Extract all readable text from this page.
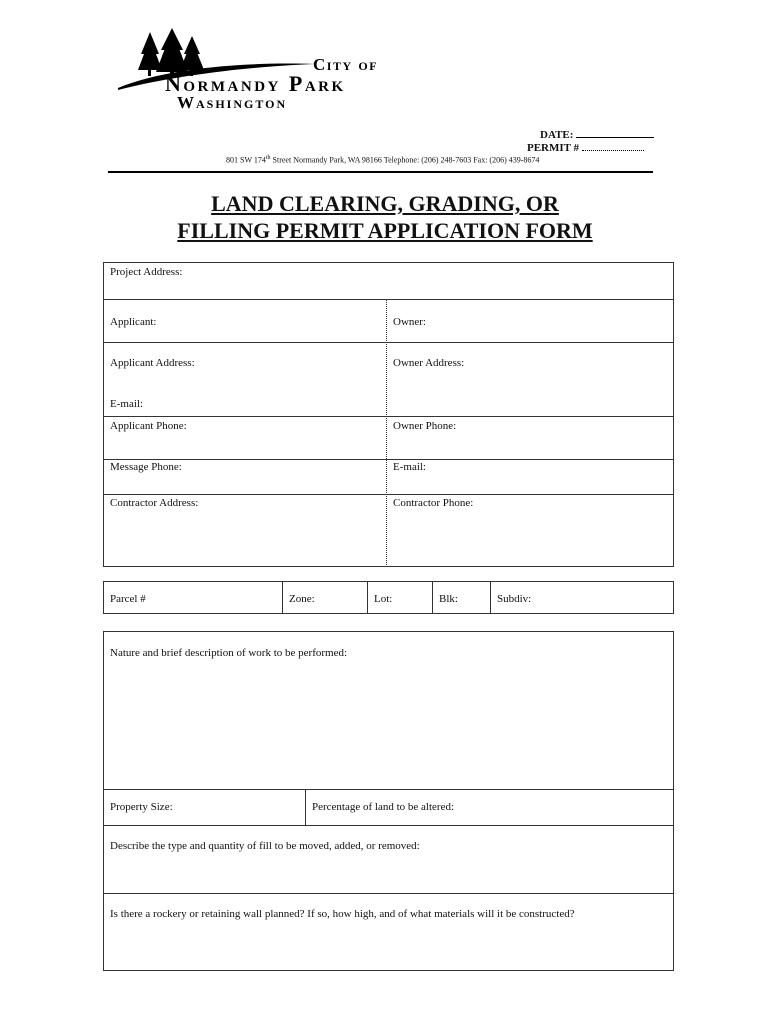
City of
Normandy Park
Washington
DATE:
PERMIT #
801 SW 174th Street Normandy Park, WA 98166 Telephone: (206) 248-7603 Fax: (206) 439-8674
LAND CLEARING, GRADING, OR
FILLING PERMIT APPLICATION FORM
Project Address:
Applicant:	Owner:
Applicant Address:	Owner Address:
E-mail:
Applicant Phone:	Owner Phone:
Message Phone:	E-mail:
Contractor Address:	Contractor Phone:
Parcel #	Zone:	Lot:	Blk:	Subdiv:
Nature and brief description of work to be performed:
Property Size:	Percentage of land to be altered:
Describe the type and quantity of fill to be moved, added, or removed:
Is there a rockery or retaining wall planned? If so, how high, and of what materials will it be constructed?
